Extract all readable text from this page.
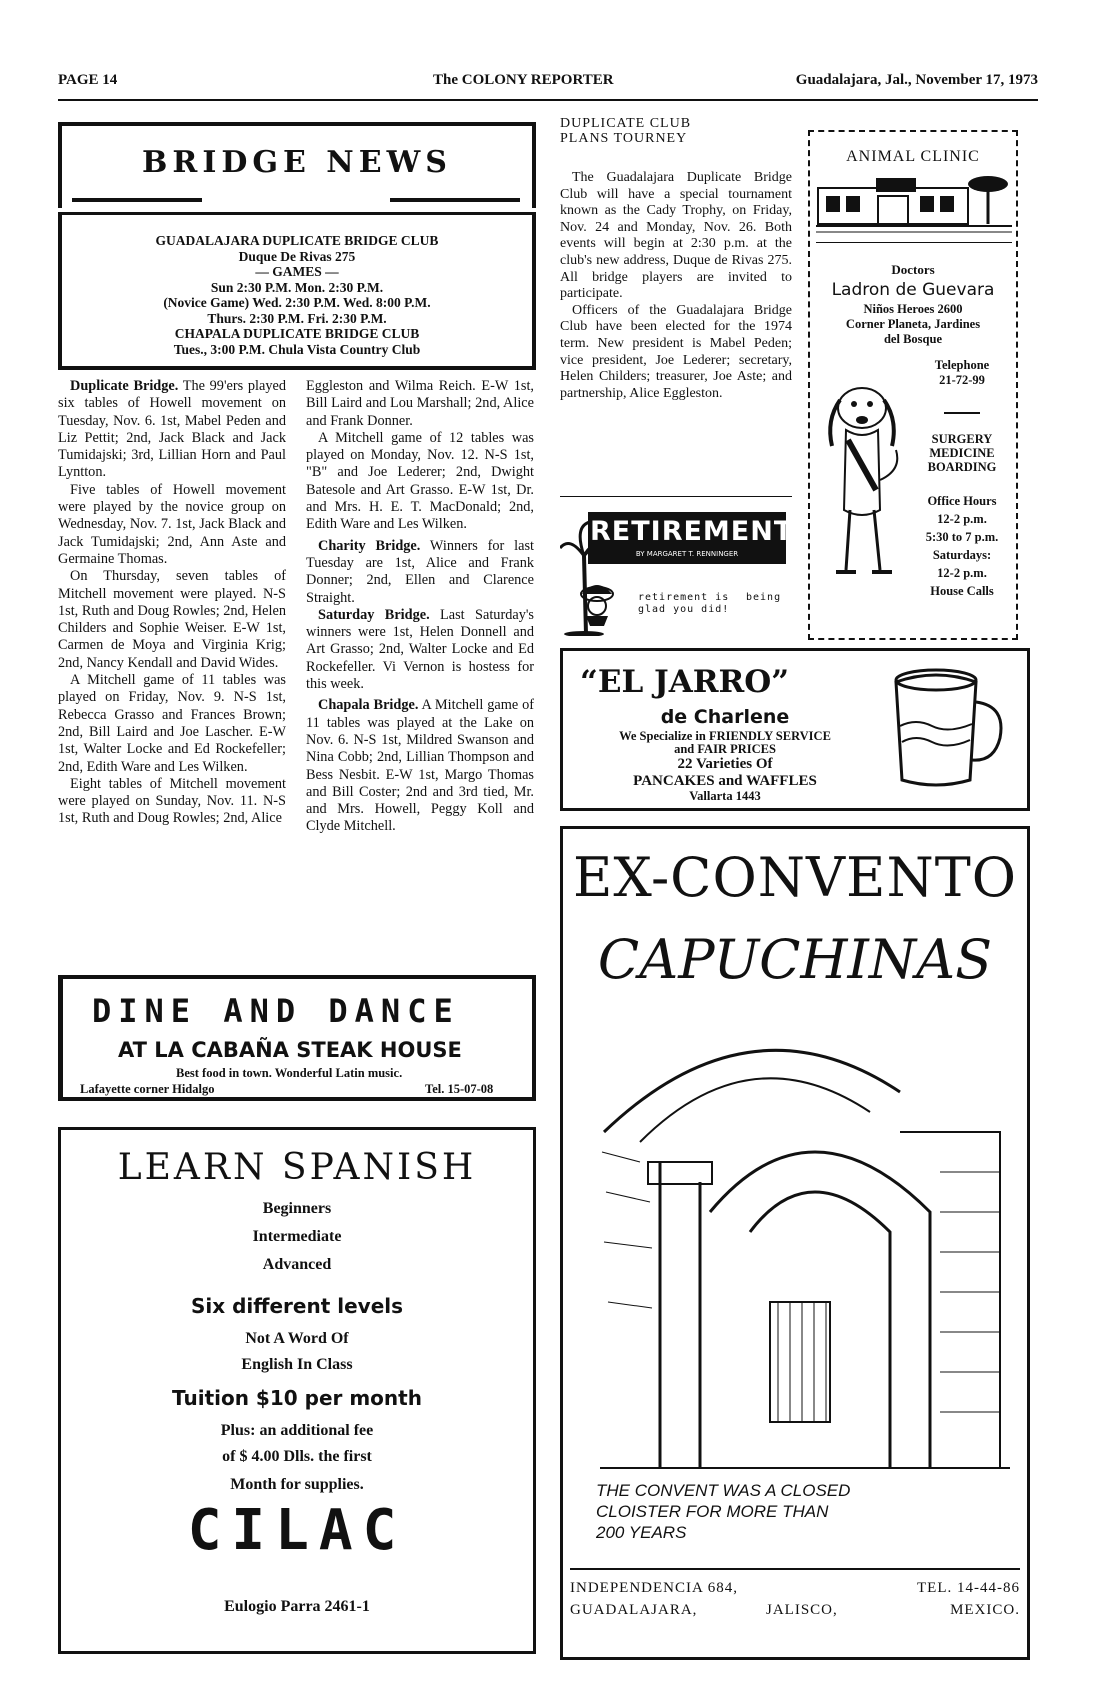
PAGE 14	The COLONY REPORTER	Guadalajara, Jal., November 17, 1973
BRIDGE NEWS
GUADALAJARA DUPLICATE BRIDGE CLUB
Duque De Rivas 275
— GAMES —
Sun 2:30 P.M. Mon. 2:30 P.M.
(Novice Game) Wed. 2:30 P.M. Wed. 8:00 P.M.
Thurs. 2:30 P.M. Fri. 2:30 P.M.
CHAPALA DUPLICATE BRIDGE CLUB
Tues., 3:00 P.M. Chula Vista Country Club

Duplicate Bridge. The 99'ers played six tables of Howell movement on Tuesday, Nov. 6. 1st, Mabel Peden and Liz Pettit; 2nd, Jack Black and Jack Tumidajski; 3rd, Lillian Horn and Paul Lyntton.

Five tables of Howell movement were played by the novice group on Wednesday, Nov. 7. 1st, Jack Black and Jack Tumidajski; 2nd, Ann Aste and Germaine Thomas.

On Thursday, seven tables of Mitchell movement were played. N-S 1st, Ruth and Doug Rowles; 2nd, Helen Childers and Sophie Weiser. E-W 1st, Carmen de Moya and Virginia Krig; 2nd, Nancy Kendall and David Wides.

A Mitchell game of 11 tables was played on Friday, Nov. 9. N-S 1st, Rebecca Grasso and Frances Brown; 2nd, Bill Laird and Joe Lascher. E-W 1st, Walter Locke and Ed Rockefeller; 2nd, Edith Ware and Les Wilken.

Eight tables of Mitchell movement were played on Sunday, Nov. 11. N-S 1st, Ruth and Doug Rowles; 2nd, Alice

Eggleston and Wilma Reich. E-W 1st, Bill Laird and Lou Marshall; 2nd, Alice and Frank Donner.

A Mitchell game of 12 tables was played on Monday, Nov. 12. N-S 1st, "B" and Joe Lederer; 2nd, Dwight Batesole and Art Grasso. E-W 1st, Dr. and Mrs. H. E. T. MacDonald; 2nd, Edith Ware and Les Wilken.

Charity Bridge. Winners for last Tuesday are 1st, Alice and Frank Donner; 2nd, Ellen and Clarence Straight.

Saturday Bridge. Last Saturday's winners were 1st, Helen Donnell and Art Grasso; 2nd, Walter Locke and Ed Rockefeller. Vi Vernon is hostess for this week.

Chapala Bridge. A Mitchell game of 11 tables was played at the Lake on Nov. 6. N-S 1st, Mildred Swanson and Nina Cobb; 2nd, Lillian Thompson and Bess Nesbit. E-W 1st, Margo Thomas and Bill Coster; 2nd and 3rd tied, Mr. and Mrs. Howell, Peggy Koll and Clyde Mitchell.

DUPLICATE CLUB
PLANS TOURNEY

The Guadalajara Duplicate Bridge Club will have a special tournament known as the Cady Trophy, on Friday, Nov. 24 and Monday, Nov. 26. Both events will begin at 2:30 p.m. at the club's new address, Duque de Rivas 275. All bridge players are invited to participate.

Officers of the Guadalajara Bridge Club have been elected for the 1974 term. New president is Mabel Peden; vice president, Joe Lederer; secretary, Helen Childers; treasurer, Joe Aste; and partnership, Alice Eggleston.

RETIREMENT IS...
BY MARGARET T. RENNINGER
retirement is
glad you did!
being
ANIMAL CLINIC
Doctors
Ladron de Guevara
Niños Heroes 2600
Corner Planeta, Jardines
del Bosque
Telephone
21-72-99
SURGERY
MEDICINE
BOARDING
Office Hours
12-2 p.m.
5:30 to 7 p.m.
Saturdays:
12-2 p.m.
House Calls
“EL JARRO”
de Charlene
We Specialize in FRIENDLY SERVICE
and FAIR PRICES
22 Varieties Of
PANCAKES and WAFFLES
Vallarta 1443
EX-CONVENTO
CAPUCHINAS
THE CONVENT WAS A CLOSED
CLOISTER FOR MORE THAN
200 YEARS
INDEPENDENCIA 684,	TEL. 14-44-86
GUADALAJARA,	JALISCO,	MEXICO.
DINE AND DANCE
AT LA CABAÑA STEAK HOUSE
Best food in town. Wonderful Latin music.
Lafayette corner Hidalgo	Tel. 15-07-08
LEARN SPANISH
Beginners
Intermediate
Advanced
Six different levels
Not A Word Of
English In Class
Tuition $10 per month
Plus: an additional fee
of $ 4.00 Dlls. the first
Month for supplies.
CILAC
Eulogio Parra 2461-1
